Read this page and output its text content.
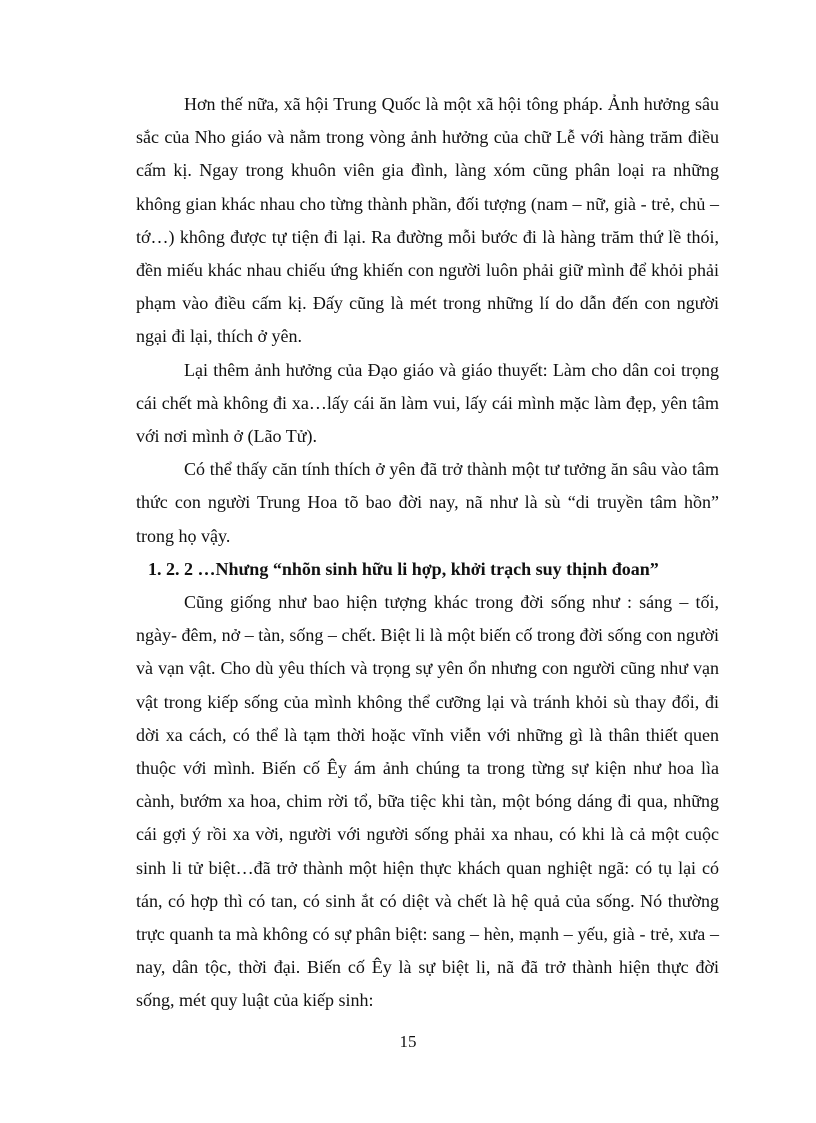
Hơn thế nữa, xã hội Trung Quốc là một xã hội tông pháp. Ảnh hưởng sâu sắc của Nho giáo và nằm trong vòng ảnh hưởng của chữ Lễ với hàng trăm điều cấm kị. Ngay trong khuôn viên gia đình, làng xóm cũng phân loại ra những không gian khác nhau cho từng thành phần, đối tượng (nam – nữ, già - trẻ, chủ – tớ…) không được tự tiện đi lại. Ra đường mỗi bước đi là hàng trăm thứ lề thói, đền miếu khác nhau chiếu ứng khiến con người luôn phải giữ mình để khỏi phải phạm vào điều cấm kị. Đấy cũng là mét trong những lí do dẫn đến con người ngại đi lại, thích ở yên.

Lại thêm ảnh hưởng của Đạo giáo và giáo thuyết: Làm cho dân coi trọng cái chết mà không đi xa…lấy cái ăn làm vui, lấy cái mình mặc làm đẹp, yên tâm với nơi mình ở (Lão Tử).

Có thể thấy căn tính thích ở yên đã trở thành một tư tưởng ăn sâu vào tâm thức con người Trung Hoa tõ bao đời nay, nã như là sù “di truyền tâm hồn” trong họ vậy.

1. 2. 2 …Nhưng “nhõn sinh hữu li hợp, khởi trạch suy thịnh đoan”

Cũng giống như bao hiện tượng khác trong đời sống như : sáng – tối, ngày- đêm, nở – tàn, sống – chết. Biệt li là một biến cố trong đời sống con người và vạn vật. Cho dù yêu thích và trọng sự yên ổn nhưng con người cũng như vạn vật trong kiếp sống của mình không thể cưỡng lại và tránh khỏi sù thay đổi, đi dời xa cách, có thể là tạm thời hoặc vĩnh viễn với những gì là thân thiết quen thuộc với mình. Biến cố Êy ám ảnh chúng ta trong từng sự kiện như hoa lìa cành, bướm xa hoa, chim rời tổ, bữa tiệc khi tàn, một bóng dáng đi qua, những cái gợi ý rồi xa vời, người với người sống phải xa nhau, có khi là cả một cuộc sinh li tử biệt…đã trở thành một hiện thực khách quan nghiệt ngã: có tụ lại có tán, có hợp thì có tan, có sinh ắt có diệt và chết là hệ quả của sống. Nó thường trực quanh ta mà không có sự phân biệt: sang – hèn, mạnh – yếu, già - trẻ, xưa – nay, dân tộc, thời đại. Biến cố Êy là sự biệt li, nã đã trở thành hiện thực đời sống, mét quy luật của kiếp sinh:

15
